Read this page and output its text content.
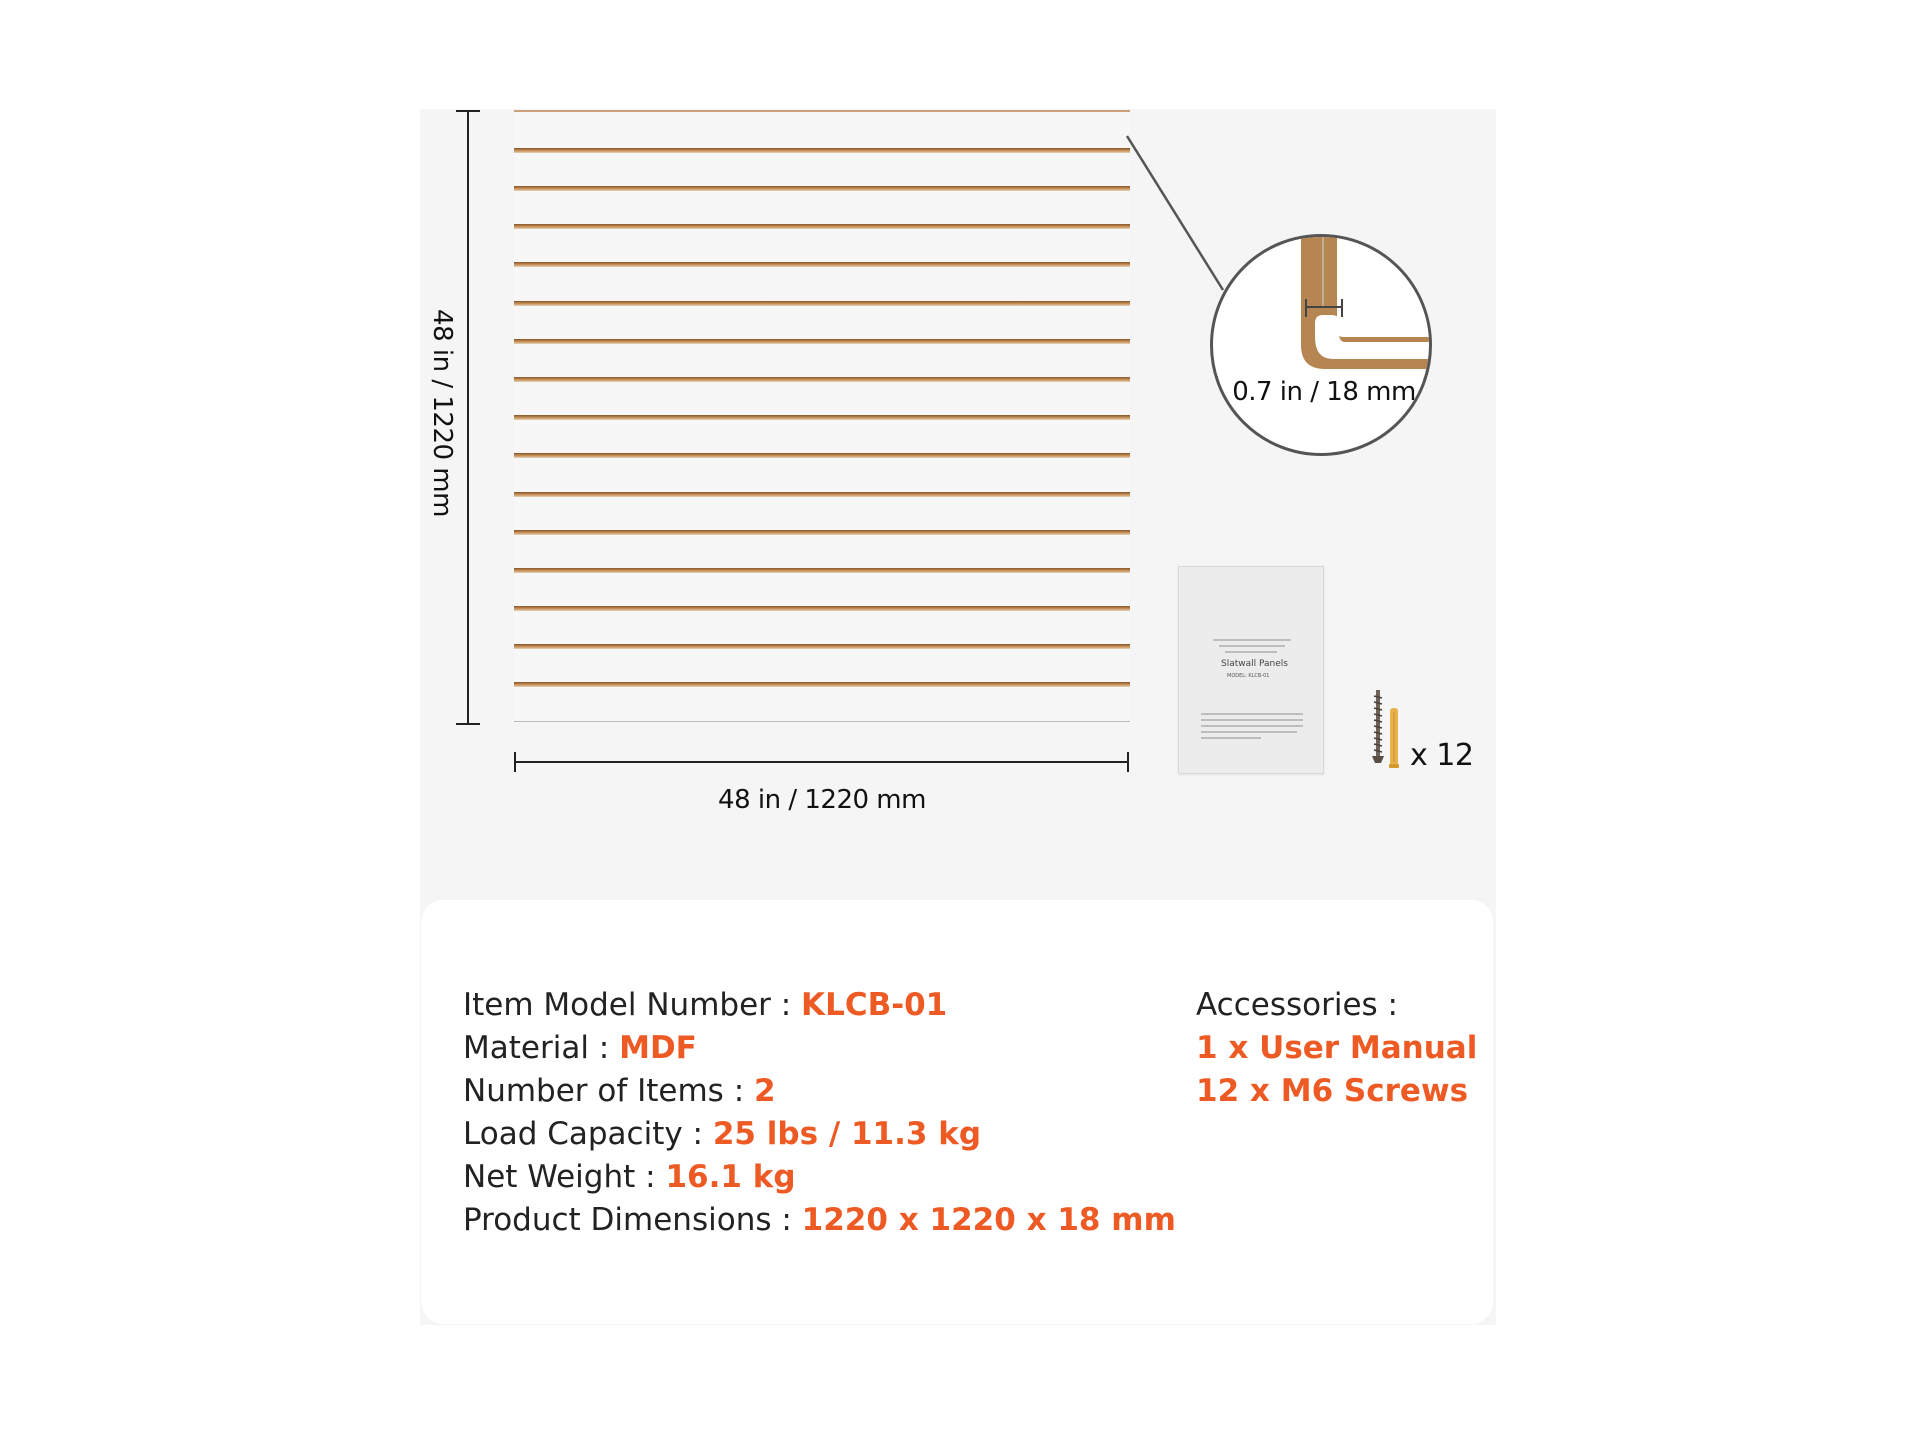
48 in / 1220 mm
48 in / 1220 mm
0.7 in / 18 mm
Slatwall Panels
MODEL: KLCB-01
x 12
Item Model Number : KLCB-01
Material : MDF
Number of Items : 2
Load Capacity : 25 lbs / 11.3 kg
Net Weight : 16.1 kg
Product Dimensions : 1220 x 1220 x 18 mm
Accessories :
1 x User Manual
12 x M6 Screws
